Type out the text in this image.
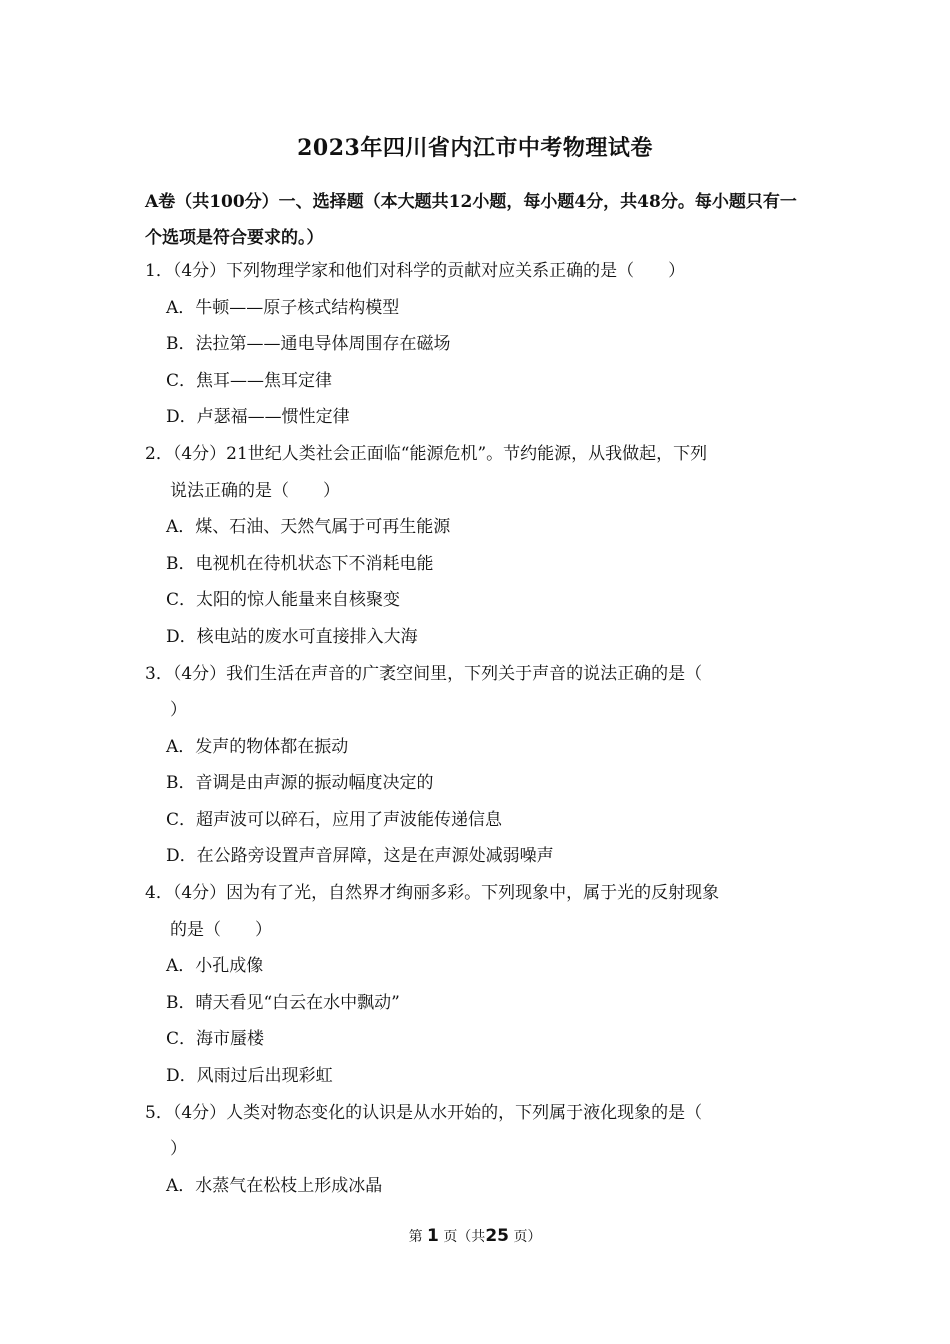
2023年四川省内江市中考物理试卷
A卷（共100分）一、选择题（本大题共12小题，每小题4分，共48分。每小题只有一个选项是符合要求的。）
1．（4分）下列物理学家和他们对科学的贡献对应关系正确的是（　　）
A．牛顿——原子核式结构模型
B．法拉第——通电导体周围存在磁场
C．焦耳——焦耳定律
D．卢瑟福——惯性定律
2．（4分）21世纪人类社会正面临“能源危机”。节约能源，从我做起，下列
说法正确的是（　　）
A．煤、石油、天然气属于可再生能源
B．电视机在待机状态下不消耗电能
C．太阳的惊人能量来自核聚变
D．核电站的废水可直接排入大海
3．（4分）我们生活在声音的广袤空间里，下列关于声音的说法正确的是（
）
A．发声的物体都在振动
B．音调是由声源的振动幅度决定的
C．超声波可以碎石，应用了声波能传递信息
D．在公路旁设置声音屏障，这是在声源处减弱噪声
4．（4分）因为有了光，自然界才绚丽多彩。下列现象中，属于光的反射现象
的是（　　）
A．小孔成像
B．晴天看见“白云在水中飘动”
C．海市蜃楼
D．风雨过后出现彩虹
5．（4分）人类对物态变化的认识是从水开始的，下列属于液化现象的是（
）
A．水蒸气在松枝上形成冰晶
第 1 页（共25 页）
